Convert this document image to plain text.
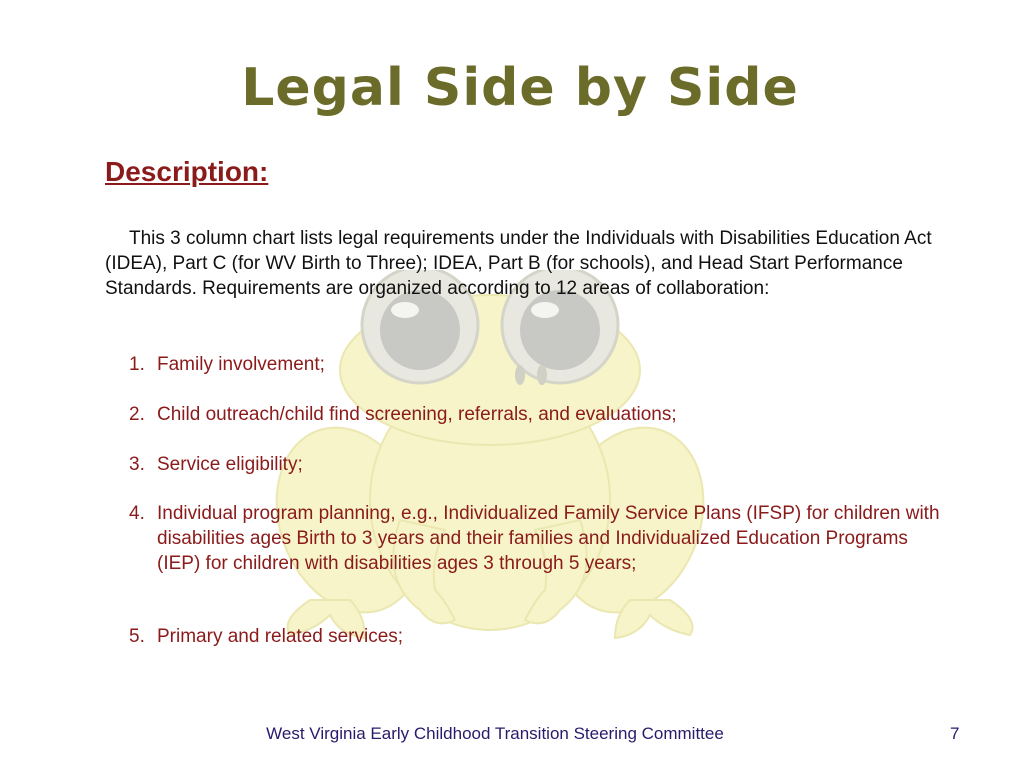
Legal Side by Side
Description:

This 3 column chart lists legal requirements under the Individuals with Disabilities Education Act (IDEA), Part C (for WV Birth to Three); IDEA, Part B (for schools), and Head Start Performance Standards. Requirements are organized according to 12 areas of collaboration:

1. Family involvement;
2. Child outreach/child find screening, referrals, and evaluations;
3. Service eligibility;
4. Individual program planning, e.g., Individualized Family Service Plans (IFSP) for children with disabilities ages Birth to 3 years and their families and Individualized Education Programs (IEP) for children with disabilities ages 3 through 5 years;
5. Primary and related services;
West Virginia Early Childhood Transition Steering Committee	7
